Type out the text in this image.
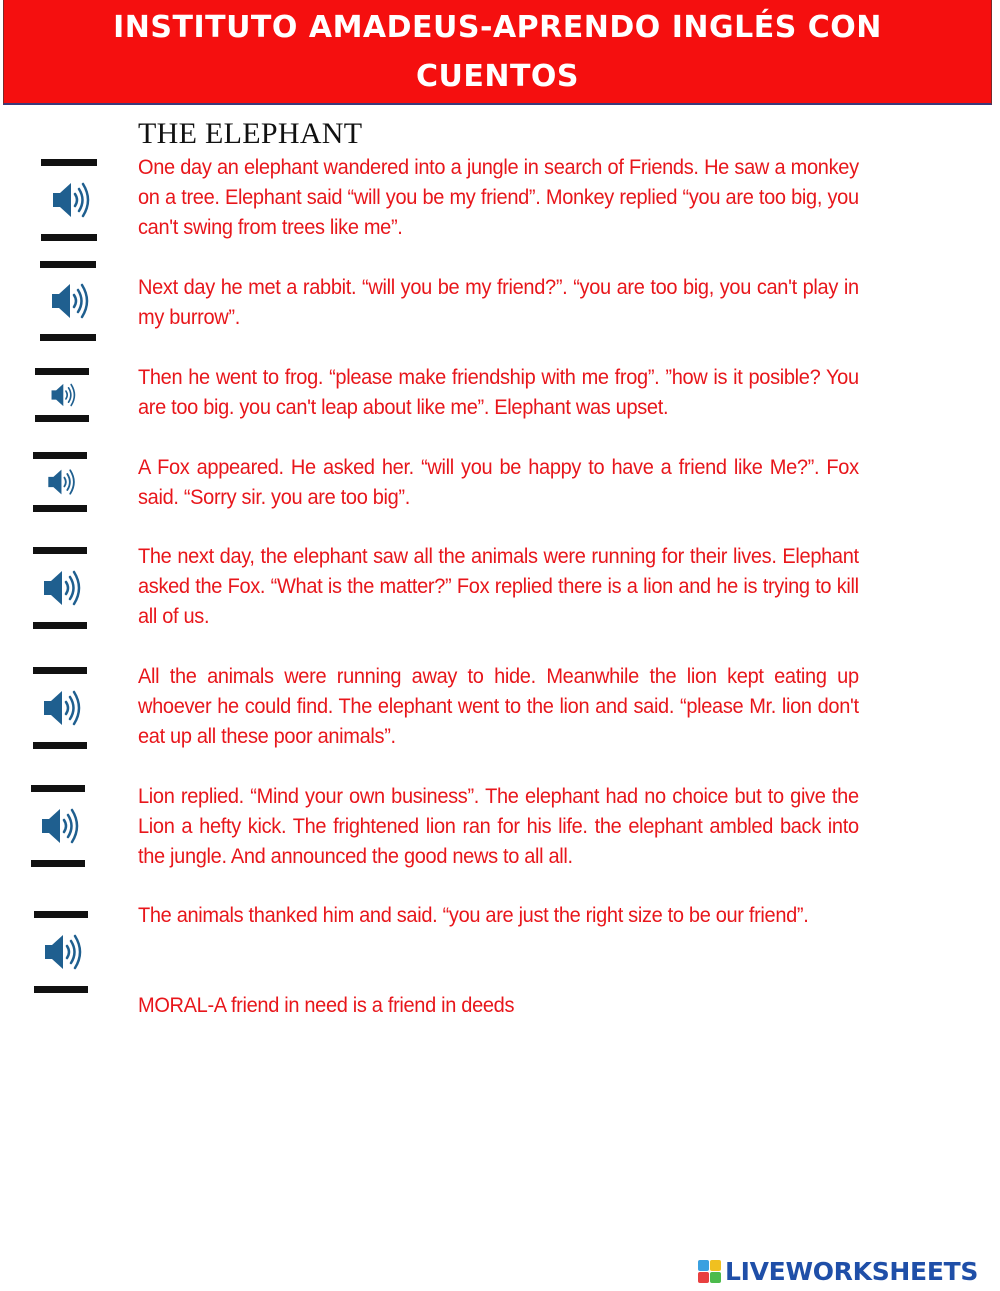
INSTITUTO AMADEUS-APRENDO INGLÉS CON CUENTOS
THE ELEPHANT
One day an elephant wandered into a jungle in search of Friends. He saw a monkey on a tree. Elephant said “will you be my friend”. Monkey replied “you are too big, you can't swing from trees like me”.
Next day he met a rabbit. “will you be my friend?”. “you are too big, you can't play in my burrow”.
Then he went to frog. “please make friendship with me frog”. ”how is it posible? You are too big. you can't leap about like me”. Elephant was upset.
A Fox appeared. He asked her. “will you be happy to have a friend like Me?”. Fox said. “Sorry sir. you are too big”.
The next day, the elephant saw all the animals were running for their lives. Elephant asked the Fox. “What is the matter?” Fox replied there is a lion and he is trying to kill all of us.
All the animals were running away to hide. Meanwhile the lion kept eating up whoever he could find. The elephant went to the lion and said. “please Mr. lion don't eat up all these poor animals”.
Lion replied. “Mind your own business”. The elephant had no choice but to give the Lion a hefty kick. The frightened lion ran for his life. the elephant ambled back into the jungle. And announced the good news to all all.
The animals thanked him and said. “you are just the right size to be our friend”.
MORAL-A friend in need is a friend in deeds
LIVEWORKSHEETS
